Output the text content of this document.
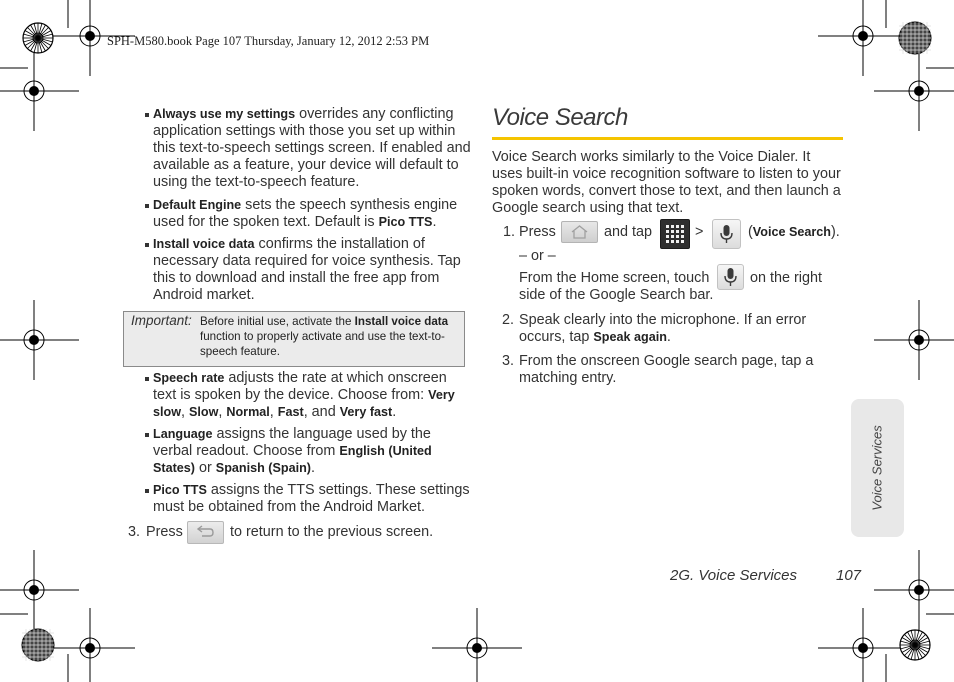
SPH-M580.book Page 107 Thursday, January 12, 2012 2:53 PM
Always use my settings overrides any conflicting application settings with those you set up within this text-to-speech settings screen. If enabled and available as a feature, your device will default to using the text-to-speech feature.
Default Engine sets the speech synthesis engine used for the spoken text. Default is Pico TTS.
Install voice data confirms the installation of necessary data required for voice synthesis. Tap this to download and install the free app from Android market.
Important: Before initial use, activate the Install voice data function to properly activate and use the text-to-speech feature.
Speech rate adjusts the rate at which onscreen text is spoken by the device. Choose from: Very slow, Slow, Normal, Fast, and Very fast.
Language assigns the language used by the verbal readout. Choose from English (United States) or Spanish (Spain).
Pico TTS assigns the TTS settings. These settings must be obtained from the Android Market.
3. Press	to return to the previous screen.
Voice Search
Voice Search works similarly to the Voice Dialer. It uses built-in voice recognition software to listen to your spoken words, convert those to text, and then launch a Google search using that text.
1. Press	and tap	>	(Voice Search).
– or –
From the Home screen, touch	on the right
side of the Google Search bar.
2. Speak clearly into the microphone. If an error occurs, tap Speak again.
3. From the onscreen Google search page, tap a matching entry.
Voice Services
2G. Voice Services	107
